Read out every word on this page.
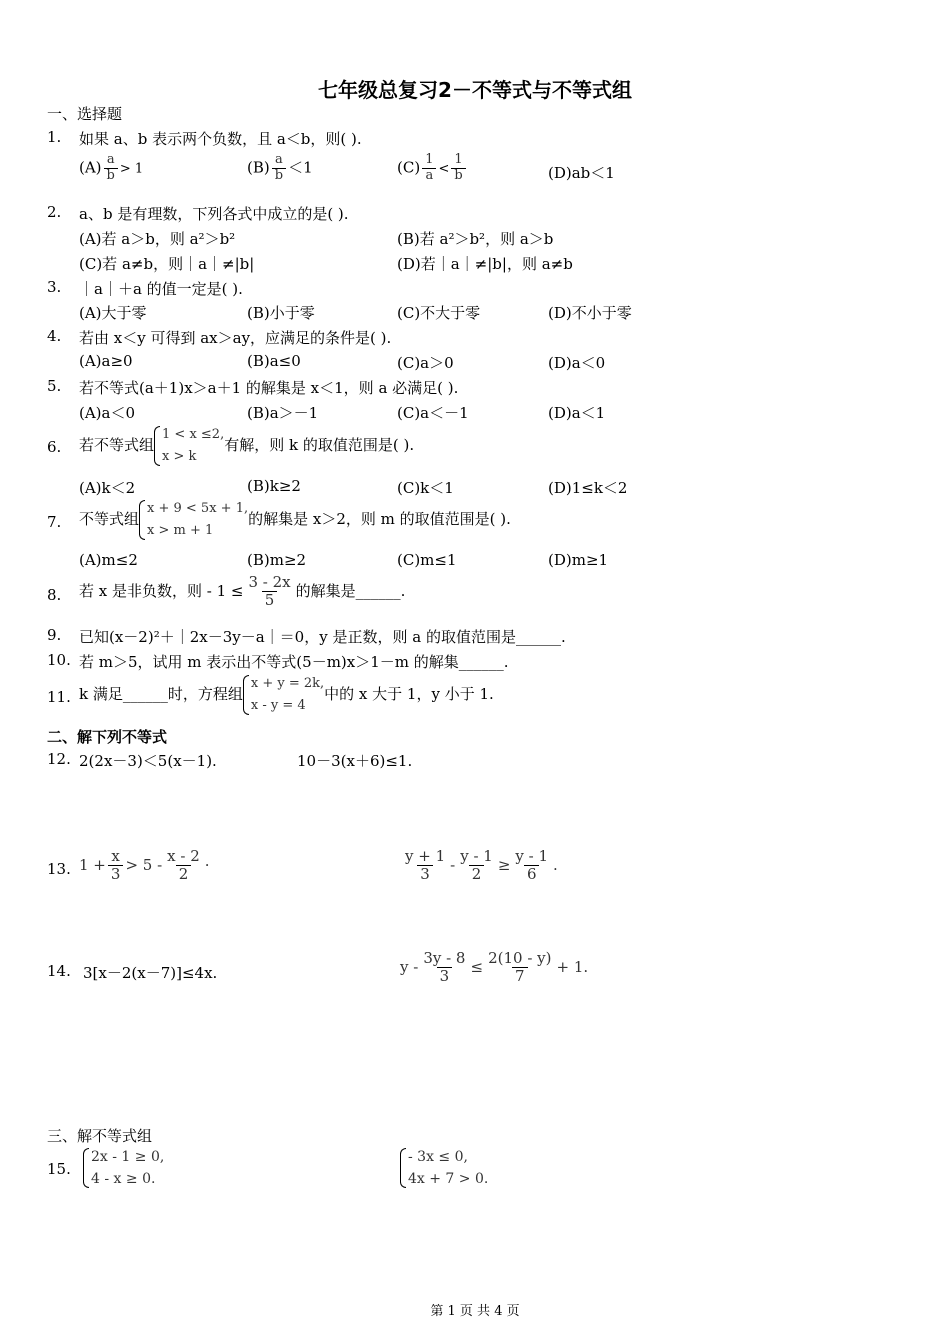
七年级总复习2－不等式与不等式组
一、选择题
1. 如果 a、b 表示两个负数，且 a＜b，则( ).
$(A) \frac{a}{b} > 1$	$(B) \frac{a}{b} <1$	$(C) \frac{1}{a} < \frac{1}{b}$	(D)ab＜1
2. a、b 是有理数，下列各式中成立的是( ).
(A)若 a＞b，则 a²＞b²	(B)若 a²＞b²，则 a＞b
(C)若 a≠b，则｜a｜≠|b|	(D)若｜a｜≠|b|，则 a≠b
3. ｜a｜＋a 的值一定是( ).
(A)大于零	(B)小于零	(C)不大于零	(D)不小于零
4. 若由 x＜y 可得到 ax＞ay，应满足的条件是( ).
(A)a≥0	(B)a≤0	(C)a＞0	(D)a＜0
5. 若不等式(a＋1)x＞a＋1 的解集是 x＜1，则 a 必满足( ).
(A)a＜0	(B)a＞－1	(C)a＜－1	(D)a＜1
6. 若不等式组
1 < x ≤2,
x > k
有解，则 k 的取值范围是( ).
(A)k＜2	(B)k≥2	(C)k＜1	(D)1≤k＜2
7. 不等式组
x + 9 < 5x + 1,
x > m + 1
的解集是 x＞2，则 m 的取值范围是( ).
(A)m≤2	(B)m≥2	(C)m≤1	(D)m≥1
8. 若 x 是非负数，则 - $1 \le \frac{3 - 2x}{5}$ 的解集是______.
9. 已知(x－2)²＋｜2x－3y－a｜＝0，y 是正数，则 a 的取值范围是______.
10. 若 m＞5，试用 m 表示出不等式(5－m)x＞1－m 的解集______.
11. k 满足______时，方程组
x + y = 2k,
x - y = 4
中的 x 大于 1，y 小于 1.
二、解下列不等式
12. 2(2x－3)＜5(x－1).	10－3(x＋6)≤1.
13. $1 + \frac{x}{3} > 5 - \frac{x - 2}{2}$ ·	$\frac{y + 1}{3} - \frac{y - 1}{2} \ge \frac{y - 1}{6}$ .
14. 3[x－2(x－7)]≤4x.	$y - \frac{3y - 8}{3} \le \frac{2(10 - y)}{7} + 1$.
三、解不等式组
15.
2x - 1 ≥ 0,
4 - x ≥ 0.
- 3x ≤ 0,
4x + 7 > 0.
第 1 页 共 4 页
